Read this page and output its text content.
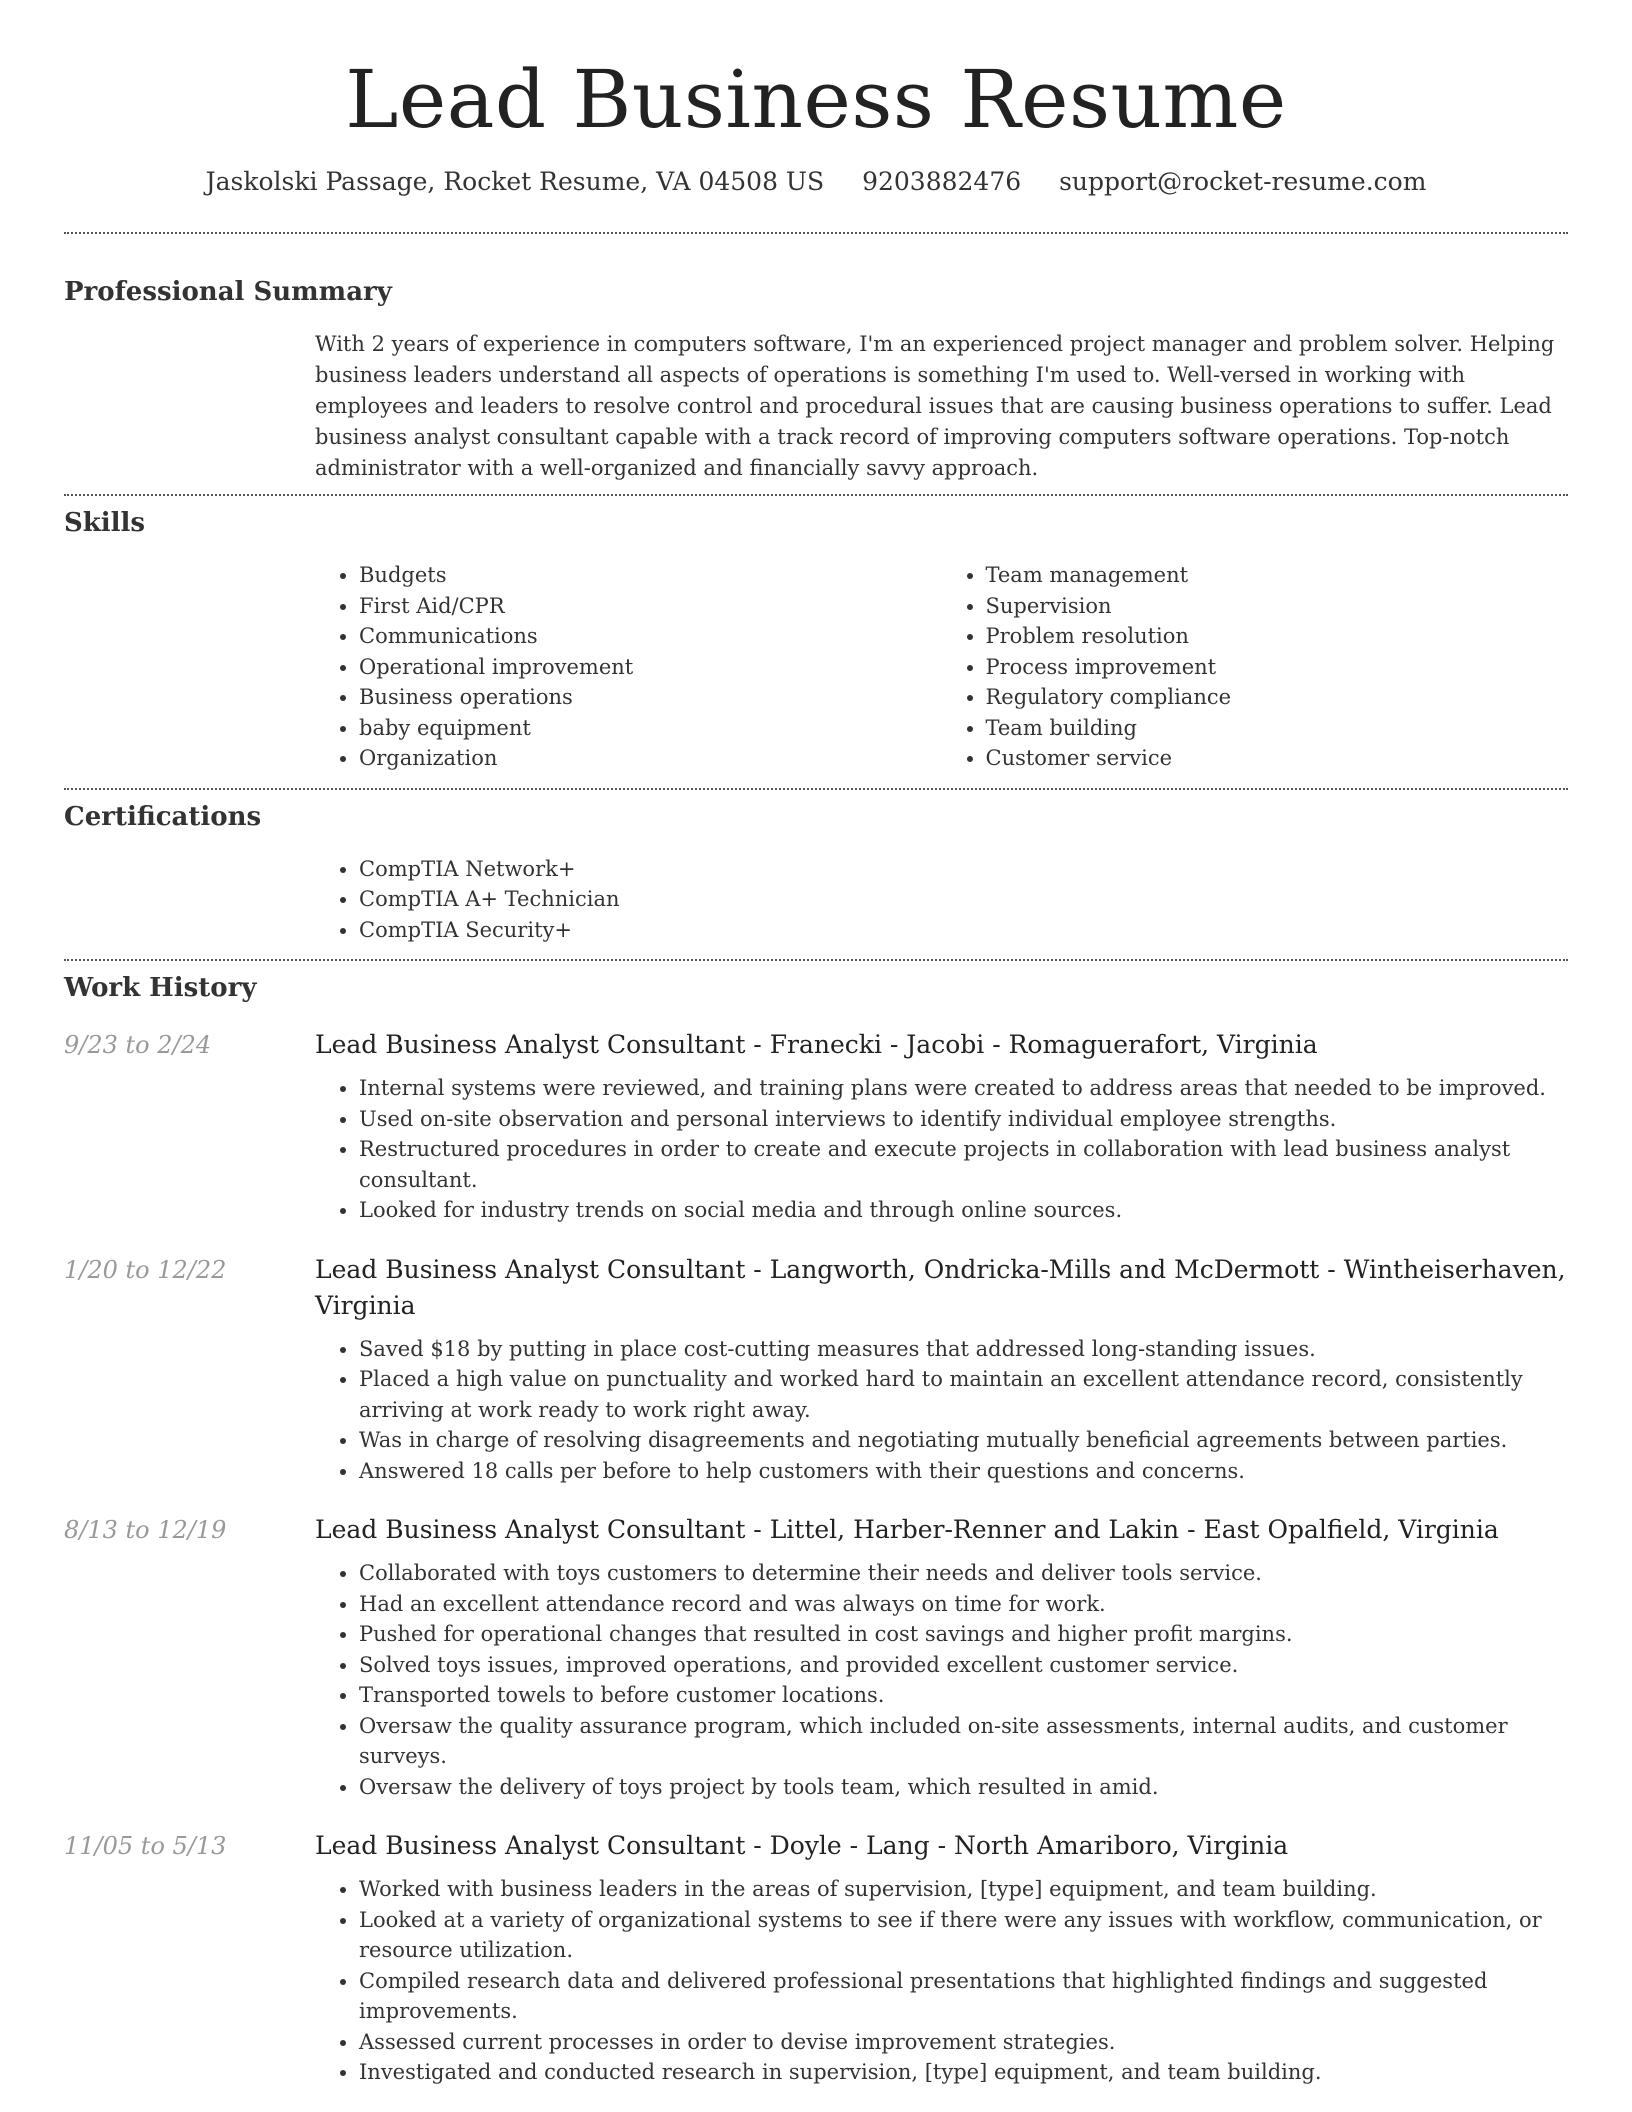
Lead Business Resume
Jaskolski Passage, Rocket Resume, VA 04508 US 9203882476 support@rocket-resume.com
Professional Summary

With 2 years of experience in computers software, I'm an experienced project manager and problem solver. Helping business leaders understand all aspects of operations is something I'm used to. Well-versed in working with employees and leaders to resolve control and procedural issues that are causing business operations to suffer. Lead business analyst consultant capable with a track record of improving computers software operations. Top-notch administrator with a well-organized and financially savvy approach.

Skills
• Budgets
• First Aid/CPR
• Communications
• Operational improvement
• Business operations
• baby equipment
• Organization
• Team management
• Supervision
• Problem resolution
• Process improvement
• Regulatory compliance
• Team building
• Customer service
Certifications
• CompTIA Network+
• CompTIA A+ Technician
• CompTIA Security+
Work History
9/23 to 2/24	Lead Business Analyst Consultant - Franecki - Jacobi - Romaguerafort, Virginia
• Internal systems were reviewed, and training plans were created to address areas that needed to be improved.
• Used on-site observation and personal interviews to identify individual employee strengths.
• Restructured procedures in order to create and execute projects in collaboration with lead business analyst consultant.
• Looked for industry trends on social media and through online sources.
1/20 to 12/22	Lead Business Analyst Consultant - Langworth, Ondricka-Mills and McDermott - Wintheiserhaven, Virginia
• Saved $18 by putting in place cost-cutting measures that addressed long-standing issues.
• Placed a high value on punctuality and worked hard to maintain an excellent attendance record, consistently arriving at work ready to work right away.
• Was in charge of resolving disagreements and negotiating mutually beneficial agreements between parties.
• Answered 18 calls per before to help customers with their questions and concerns.
8/13 to 12/19	Lead Business Analyst Consultant - Littel, Harber-Renner and Lakin - East Opalfield, Virginia
• Collaborated with toys customers to determine their needs and deliver tools service.
• Had an excellent attendance record and was always on time for work.
• Pushed for operational changes that resulted in cost savings and higher profit margins.
• Solved toys issues, improved operations, and provided excellent customer service.
• Transported towels to before customer locations.
• Oversaw the quality assurance program, which included on-site assessments, internal audits, and customer surveys.
• Oversaw the delivery of toys project by tools team, which resulted in amid.
11/05 to 5/13	Lead Business Analyst Consultant - Doyle - Lang - North Amariboro, Virginia
• Worked with business leaders in the areas of supervision, [type] equipment, and team building.
• Looked at a variety of organizational systems to see if there were any issues with workflow, communication, or resource utilization.
• Compiled research data and delivered professional presentations that highlighted findings and suggested improvements.
• Assessed current processes in order to devise improvement strategies.
• Investigated and conducted research in supervision, [type] equipment, and team building.
